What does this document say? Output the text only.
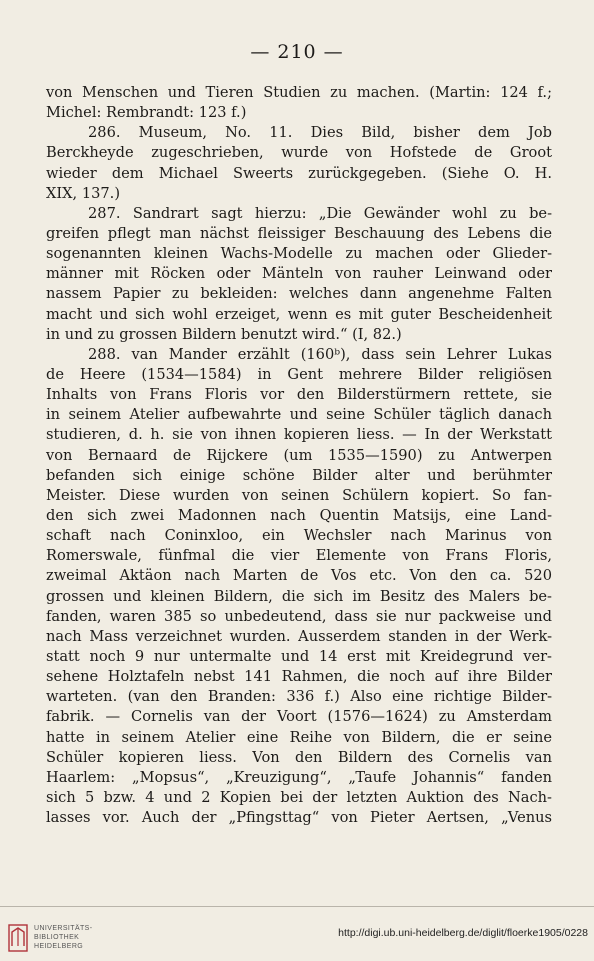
— 210 —
von Menschen und Tieren Studien zu machen. (Martin: 124 f.;
Michel: Rembrandt: 123 f.)
286. Museum, No. 11. Dies Bild, bisher dem Job
Berckheyde zugeschrieben, wurde von Hofstede de Groot
wieder dem Michael Sweerts zurückgegeben. (Siehe O. H.
XIX, 137.)
287. Sandrart sagt hierzu: „Die Gewänder wohl zu be-
greifen pflegt man nächst fleissiger Beschauung des Lebens die
sogenannten kleinen Wachs-Modelle zu machen oder Glieder-
männer mit Röcken oder Mänteln von rauher Leinwand oder
nassem Papier zu bekleiden: welches dann angenehme Falten
macht und sich wohl erzeiget, wenn es mit guter Bescheidenheit
in und zu grossen Bildern benutzt wird.“ (I, 82.)
288. van Mander erzählt (160ᵇ), dass sein Lehrer Lukas
de Heere (1534—1584) in Gent mehrere Bilder religiösen
Inhalts von Frans Floris vor den Bilderstürmern rettete, sie
in seinem Atelier aufbewahrte und seine Schüler täglich danach
studieren, d. h. sie von ihnen kopieren liess. — In der Werkstatt
von Bernaard de Rijckere (um 1535—1590) zu Antwerpen
befanden sich einige schöne Bilder alter und berühmter
Meister. Diese wurden von seinen Schülern kopiert. So fan-
den sich zwei Madonnen nach Quentin Matsijs, eine Land-
schaft nach Coninxloo, ein Wechsler nach Marinus von
Romerswale, fünfmal die vier Elemente von Frans Floris,
zweimal Aktäon nach Marten de Vos etc. Von den ca. 520
grossen und kleinen Bildern, die sich im Besitz des Malers be-
fanden, waren 385 so unbedeutend, dass sie nur packweise und
nach Mass verzeichnet wurden. Ausserdem standen in der Werk-
statt noch 9 nur untermalte und 14 erst mit Kreidegrund ver-
sehene Holztafeln nebst 141 Rahmen, die noch auf ihre Bilder
warteten. (van den Branden: 336 f.) Also eine richtige Bilder-
fabrik. — Cornelis van der Voort (1576—1624) zu Amsterdam
hatte in seinem Atelier eine Reihe von Bildern, die er seine
Schüler kopieren liess. Von den Bildern des Cornelis van
Haarlem: „Mopsus“, „Kreuzigung“, „Taufe Johannis“ fanden
sich 5 bzw. 4 und 2 Kopien bei der letzten Auktion des Nach-
lasses vor. Auch der „Pfingsttag“ von Pieter Aertsen, „Venus
UNIVERSITÄTS-
BIBLIOTHEK
HEIDELBERG
http://digi.ub.uni-heidelberg.de/diglit/floerke1905/0228
